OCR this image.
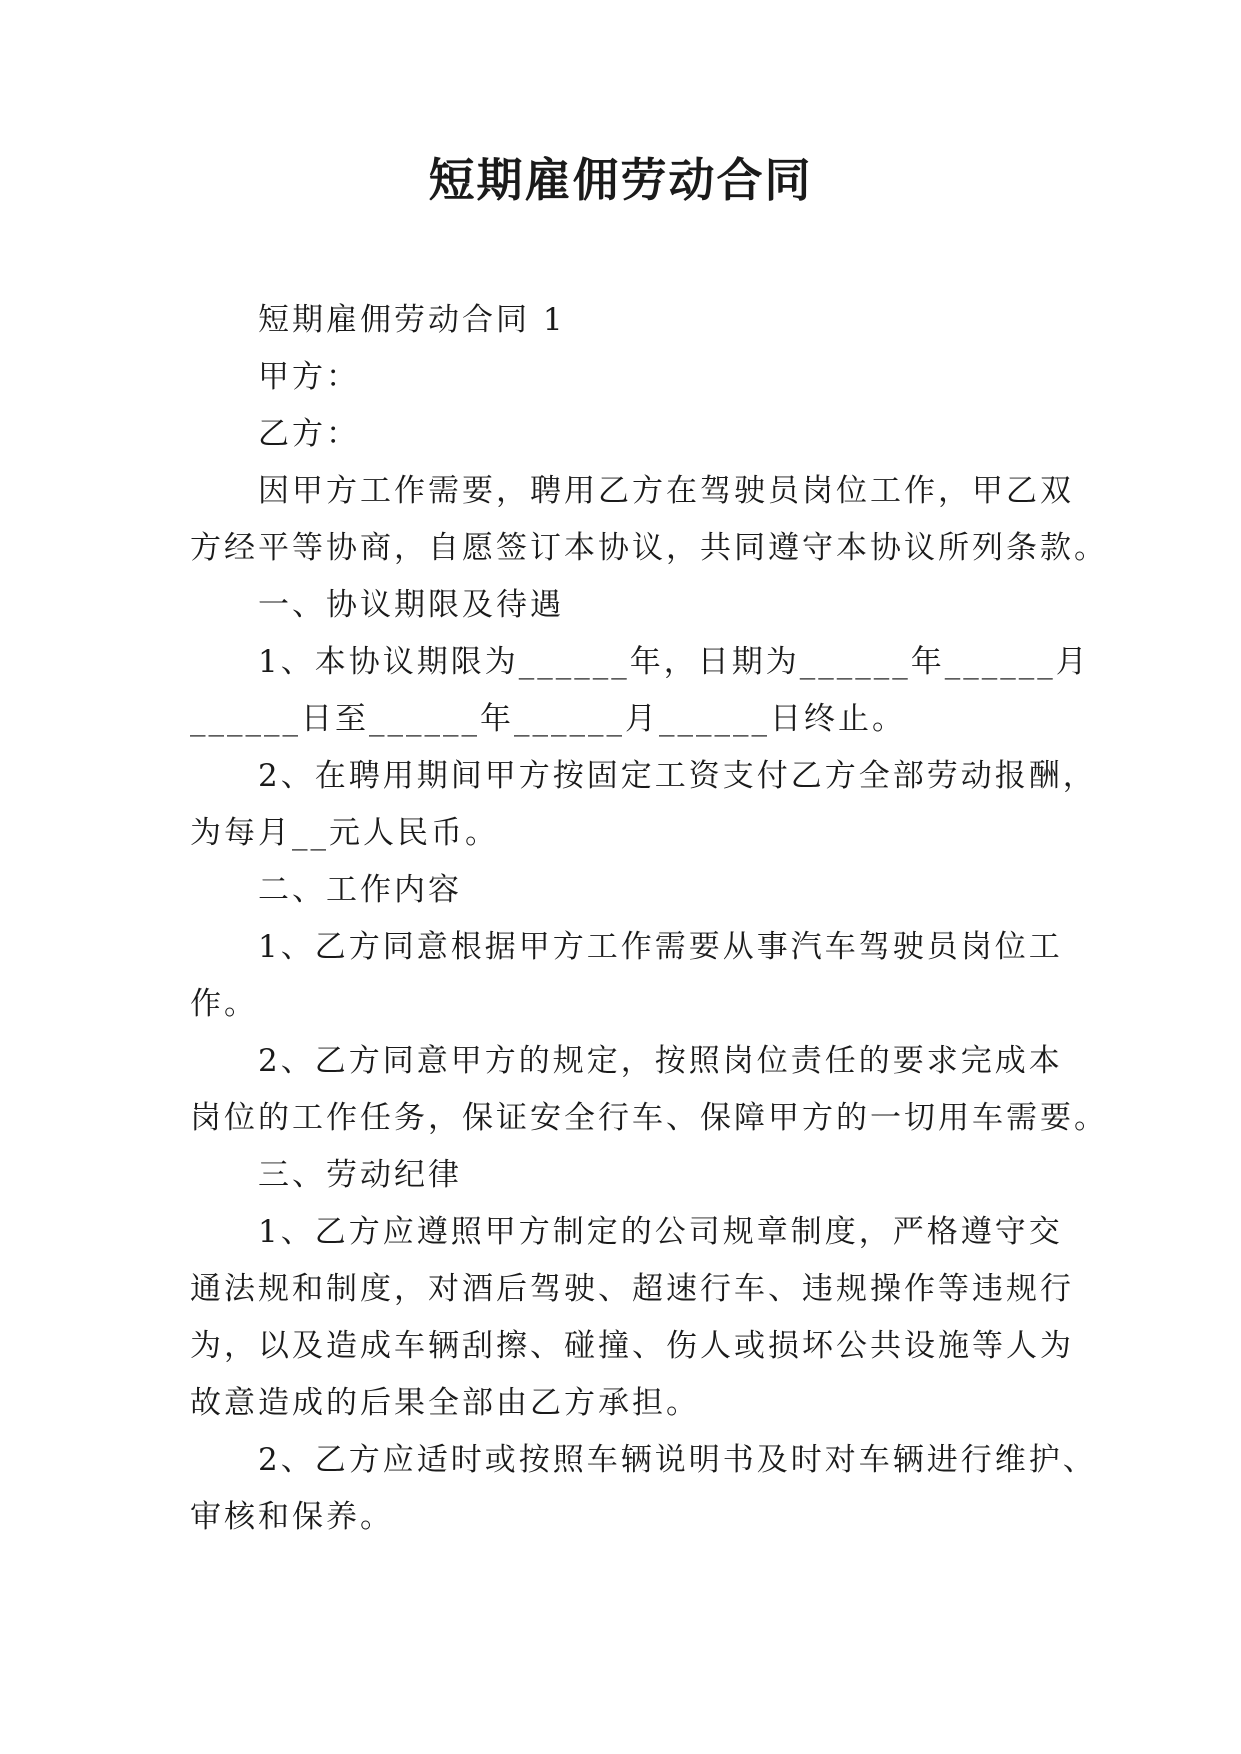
短期雇佣劳动合同
短期雇佣劳动合同 1
甲方：
乙方：
因甲方工作需要，聘用乙方在驾驶员岗位工作，甲乙双
方经平等协商，自愿签订本协议，共同遵守本协议所列条款。
一、协议期限及待遇
1、本协议期限为______年，日期为______年______月
______日至______年______月______日终止。
2、在聘用期间甲方按固定工资支付乙方全部劳动报酬，
为每月__元人民币。
二、工作内容
1、乙方同意根据甲方工作需要从事汽车驾驶员岗位工
作。
2、乙方同意甲方的规定，按照岗位责任的要求完成本
岗位的工作任务，保证安全行车、保障甲方的一切用车需要。
三、劳动纪律
1、乙方应遵照甲方制定的公司规章制度，严格遵守交
通法规和制度，对酒后驾驶、超速行车、违规操作等违规行
为，以及造成车辆刮擦、碰撞、伤人或损坏公共设施等人为
故意造成的后果全部由乙方承担。
2、乙方应适时或按照车辆说明书及时对车辆进行维护、
审核和保养。
